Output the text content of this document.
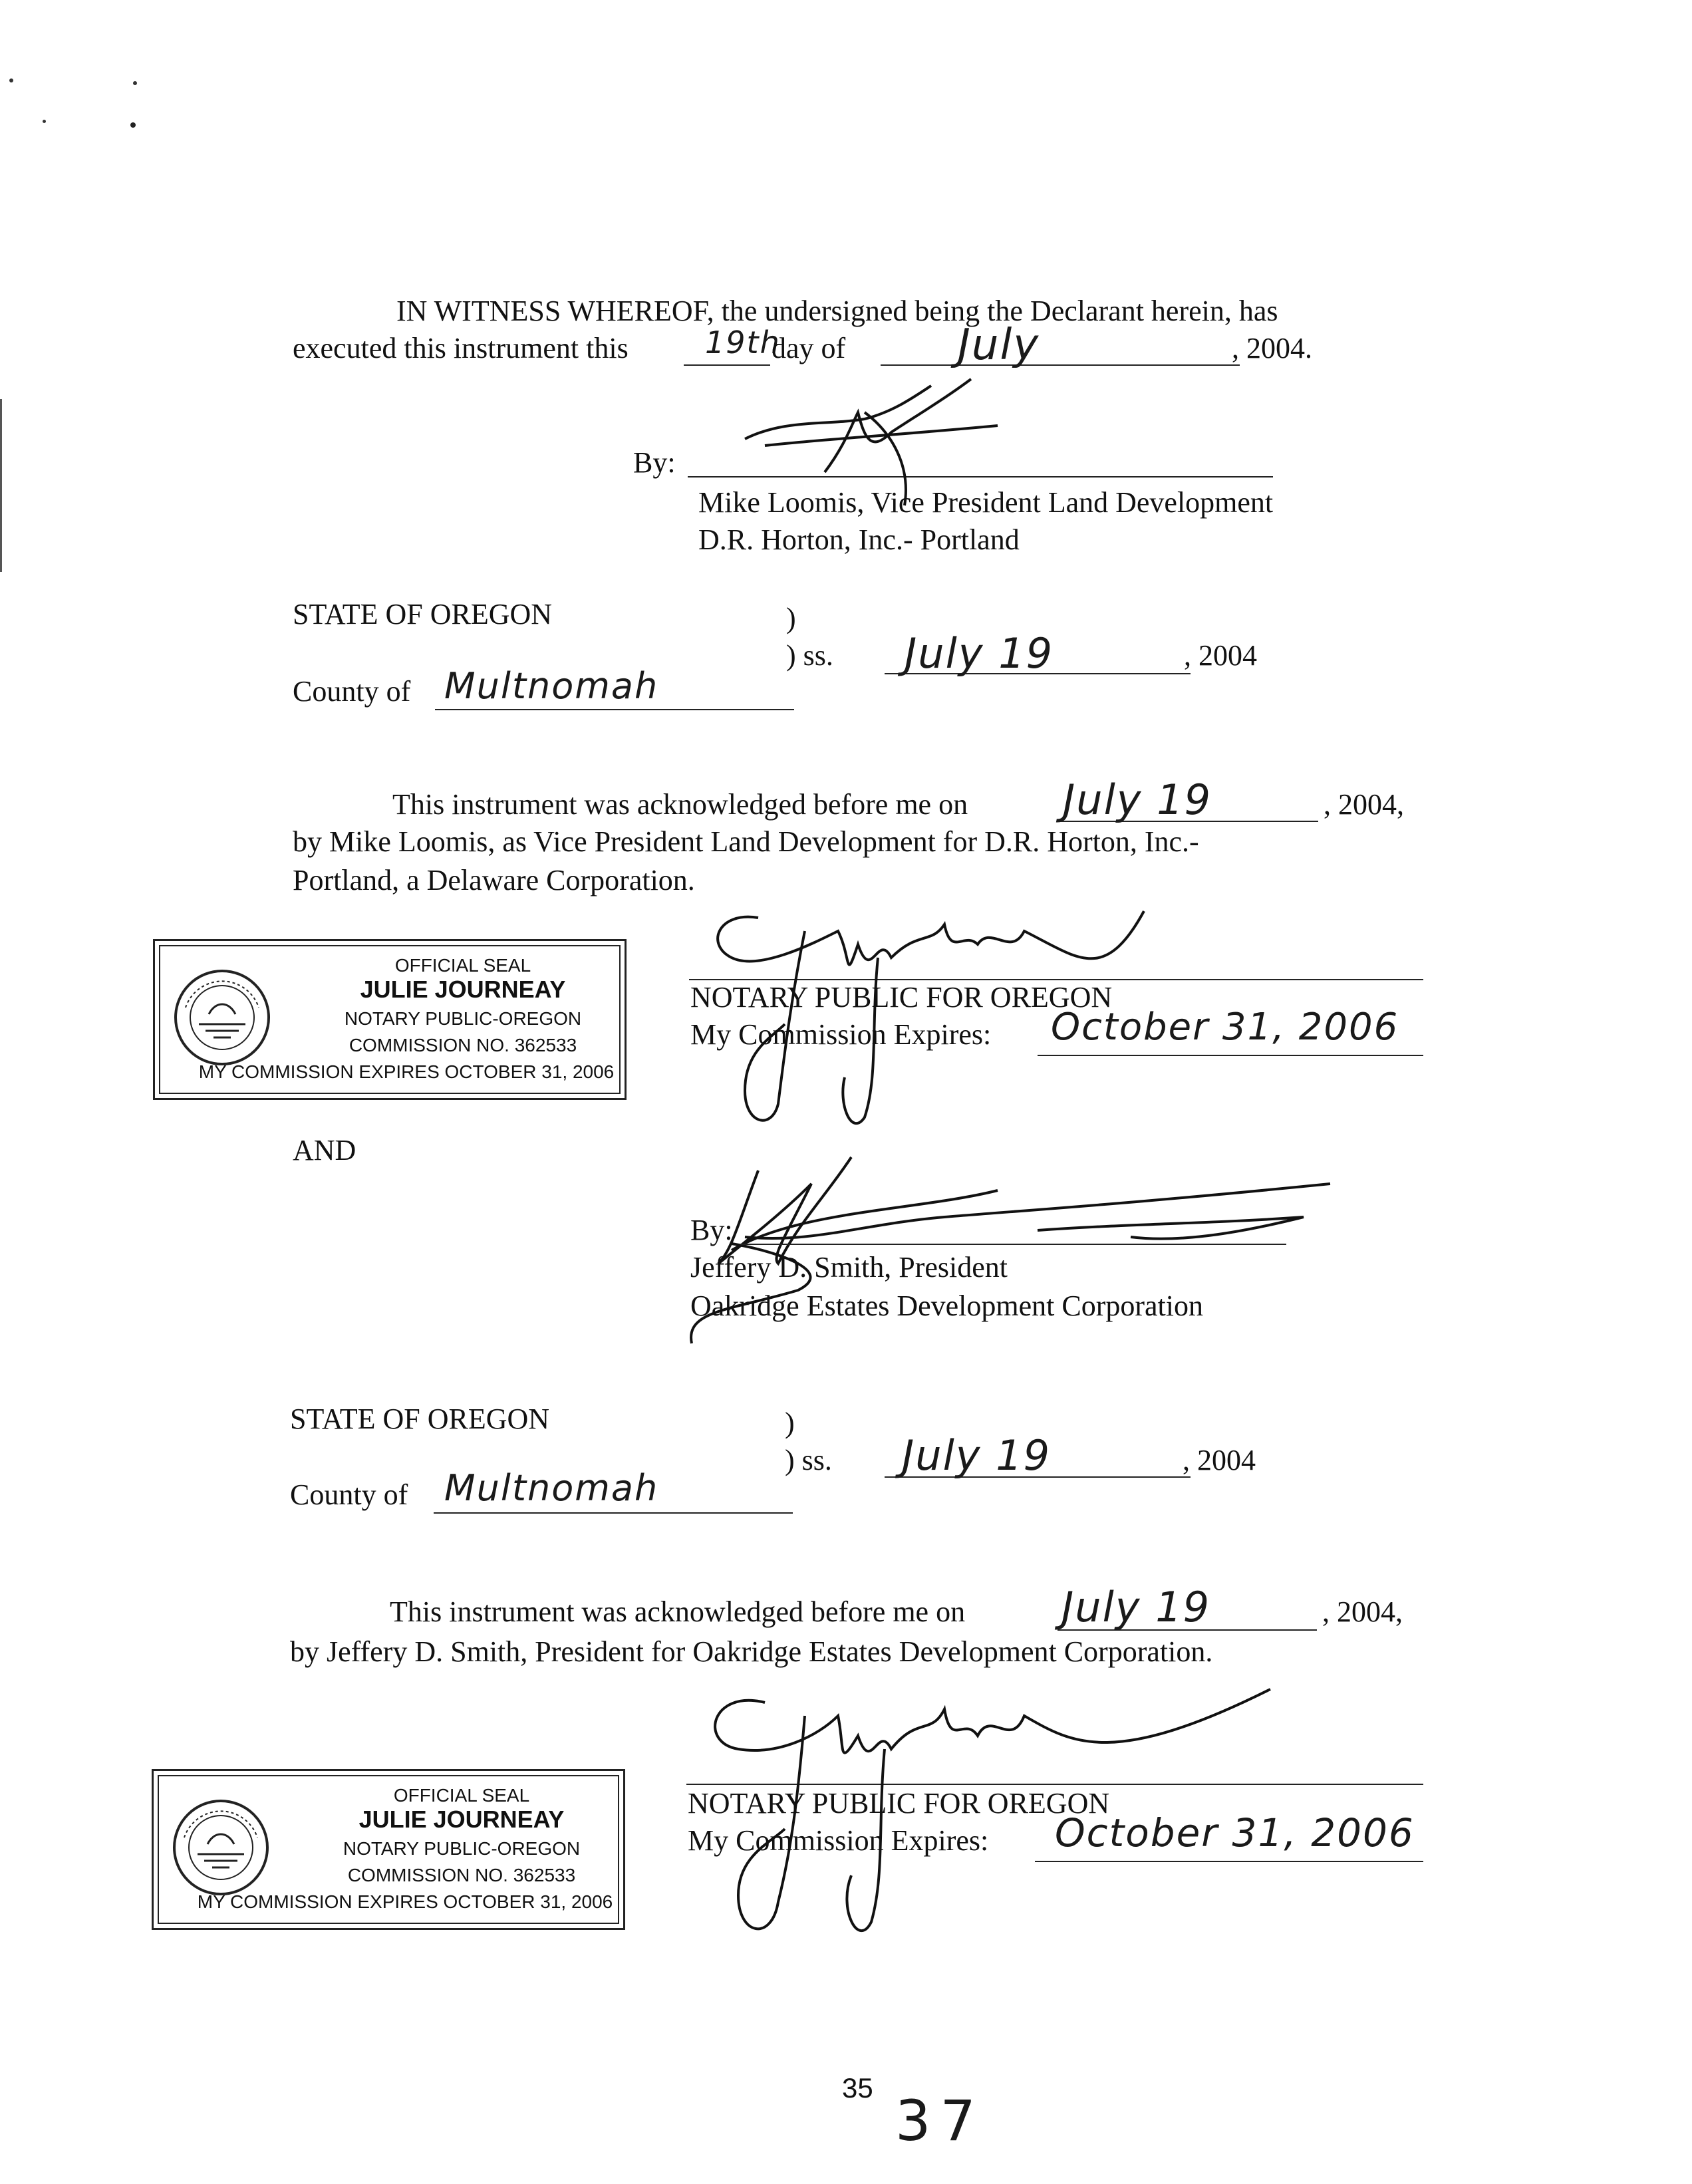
IN WITNESS WHEREOF, the undersigned being the Declarant herein, has
executed this instrument this	19th
day of	July	, 2004.
By:
Mike Loomis, Vice President Land Development
D.R. Horton, Inc.- Portland
STATE OF OREGON	)
) ss. July 19	, 2004
County of Multnomah
This instrument was acknowledged before me on July 19	, 2004,
by Mike Loomis, as Vice President Land Development for D.R. Horton, Inc.-
Portland, a Delaware Corporation.
OFFICIAL SEAL
JULIE JOURNEAY
NOTARY PUBLIC-OREGON
COMMISSION NO. 362533
MY COMMISSION EXPIRES OCTOBER 31, 2006
NOTARY PUBLIC FOR OREGON
My Commission Expires: October 31, 2006
AND
By:
Jeffery D. Smith, President
Oakridge Estates Development Corporation
STATE OF OREGON	)
) ss. July 19	, 2004
County of Multnomah
This instrument was acknowledged before me on July 19	, 2004,
by Jeffery D. Smith, President for Oakridge Estates Development Corporation.
OFFICIAL SEAL
JULIE JOURNEAY
NOTARY PUBLIC-OREGON
COMMISSION NO. 362533
MY COMMISSION EXPIRES OCTOBER 31, 2006
NOTARY PUBLIC FOR OREGON
My Commission Expires: October 31, 2006
35
37
